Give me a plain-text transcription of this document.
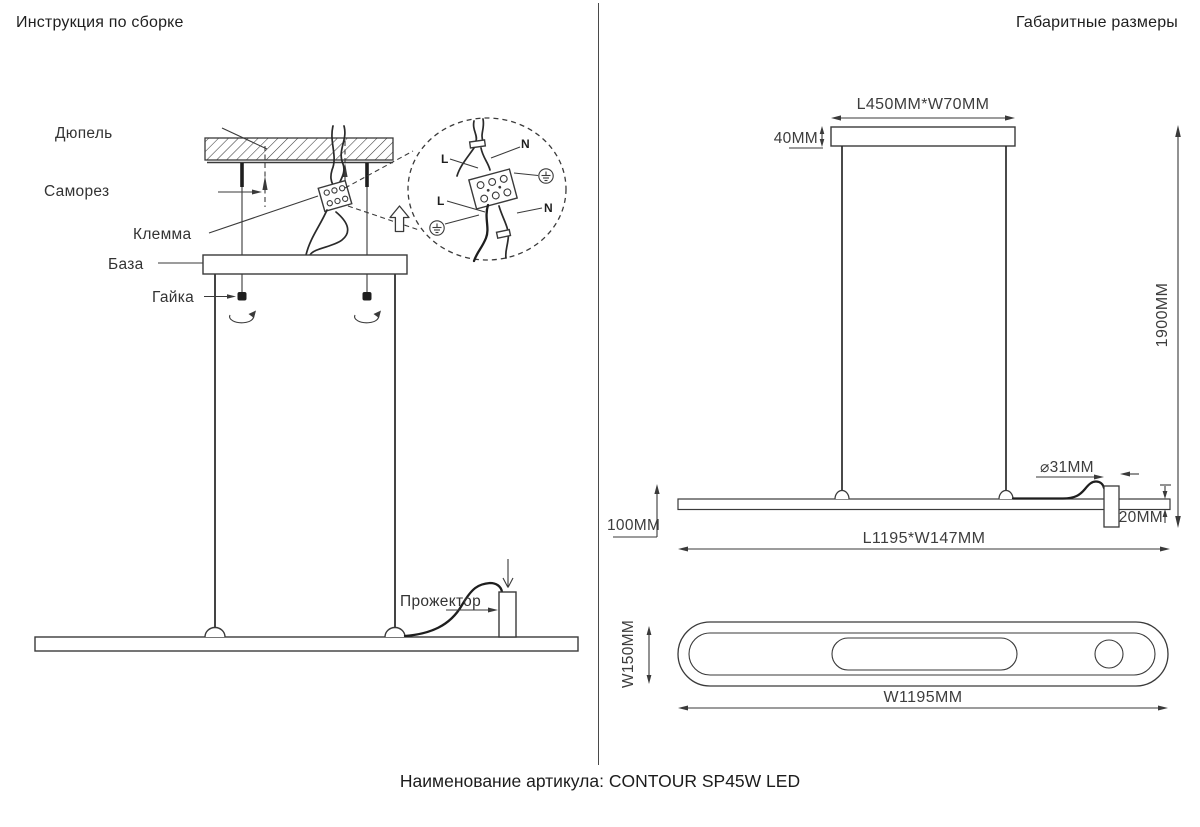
Инструкция по сборке	Габаритные размеры
L
N
L	N
Дюпель
Саморез
Клемма
База
Гайка
Прожектор
L450MM*W70MM
40MM
1900MM
⌀31MM
20MM
100MM
L1195*W147MM
W150MM
W1195MM
Наименование артикула: CONTOUR SP45W LED
